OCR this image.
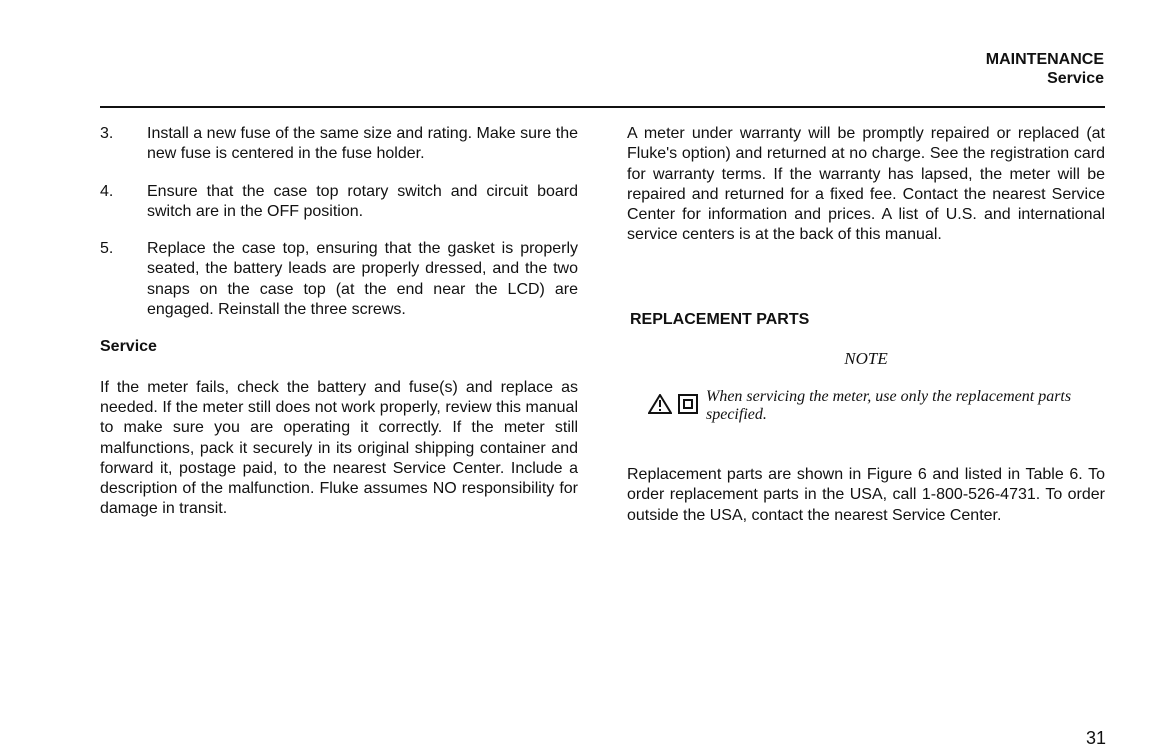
MAINTENANCE
Service
3.	Install a new fuse of the same size and rating. Make sure the new fuse is centered in the fuse holder.
4.	Ensure that the case top rotary switch and circuit board switch are in the OFF position.
5.	Replace the case top, ensuring that the gasket is properly seated, the battery leads are properly dressed, and the two snaps on the case top (at the end near the LCD) are engaged. Reinstall the three screws.
Service
If the meter fails, check the battery and fuse(s) and replace as needed. If the meter still does not work properly, review this manual to make sure you are operating it correctly. If the meter still malfunctions, pack it securely in its original shipping container and forward it, postage paid, to the nearest Service Center. Include a description of the malfunction. Fluke assumes NO responsibility for damage in transit.
A meter under warranty will be promptly repaired or replaced (at Fluke's option) and returned at no charge. See the registration card for warranty terms. If the warranty has lapsed, the meter will be repaired and returned for a fixed fee. Contact the nearest Service Center for information and prices. A list of U.S. and international service centers is at the back of this manual.
REPLACEMENT PARTS
NOTE
When servicing the meter, use only the replacement parts specified.
Replacement parts are shown in Figure 6 and listed in Table 6. To order replacement parts in the USA, call 1-800-526-4731. To order outside the USA, contact the nearest Service Center.
31
